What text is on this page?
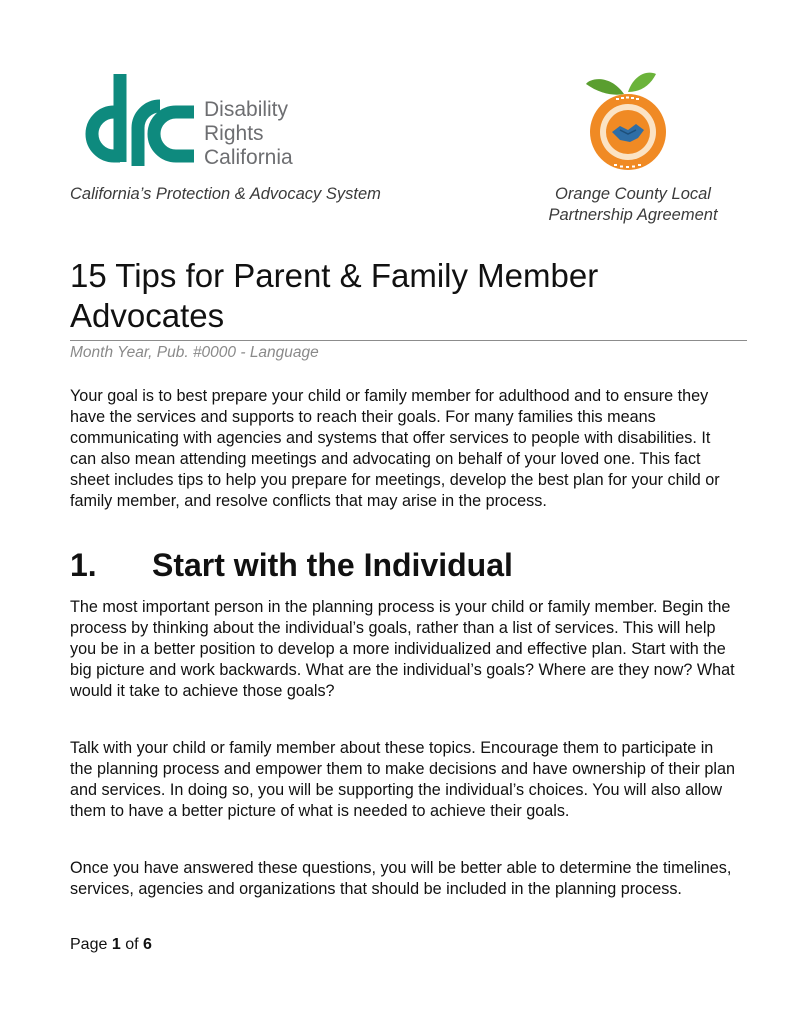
Disability
Rights
California
California’s Protection & Advocacy System	Orange County Local Partnership Agreement
15 Tips for Parent & Family Member Advocates
Month Year, Pub. #0000 - Language

Your goal is to best prepare your child or family member for adulthood and to ensure they have the services and supports to reach their goals. For many families this means communicating with agencies and systems that offer services to people with disabilities. It can also mean attending meetings and advocating on behalf of your loved one. This fact sheet includes tips to help you prepare for meetings, develop the best plan for your child or family member, and resolve conflicts that may arise in the process.

1. Start with the Individual

The most important person in the planning process is your child or family member. Begin the process by thinking about the individual’s goals, rather than a list of services. This will help you be in a better position to develop a more individualized and effective plan. Start with the big picture and work backwards. What are the individual’s goals? Where are they now? What would it take to achieve those goals?

Talk with your child or family member about these topics. Encourage them to participate in the planning process and empower them to make decisions and have ownership of their plan and services. In doing so, you will be supporting the individual’s choices. You will also allow them to have a better picture of what is needed to achieve their goals.

Once you have answered these questions, you will be better able to determine the timelines, services, agencies and organizations that should be included in the planning process.

Page 1 of 6
